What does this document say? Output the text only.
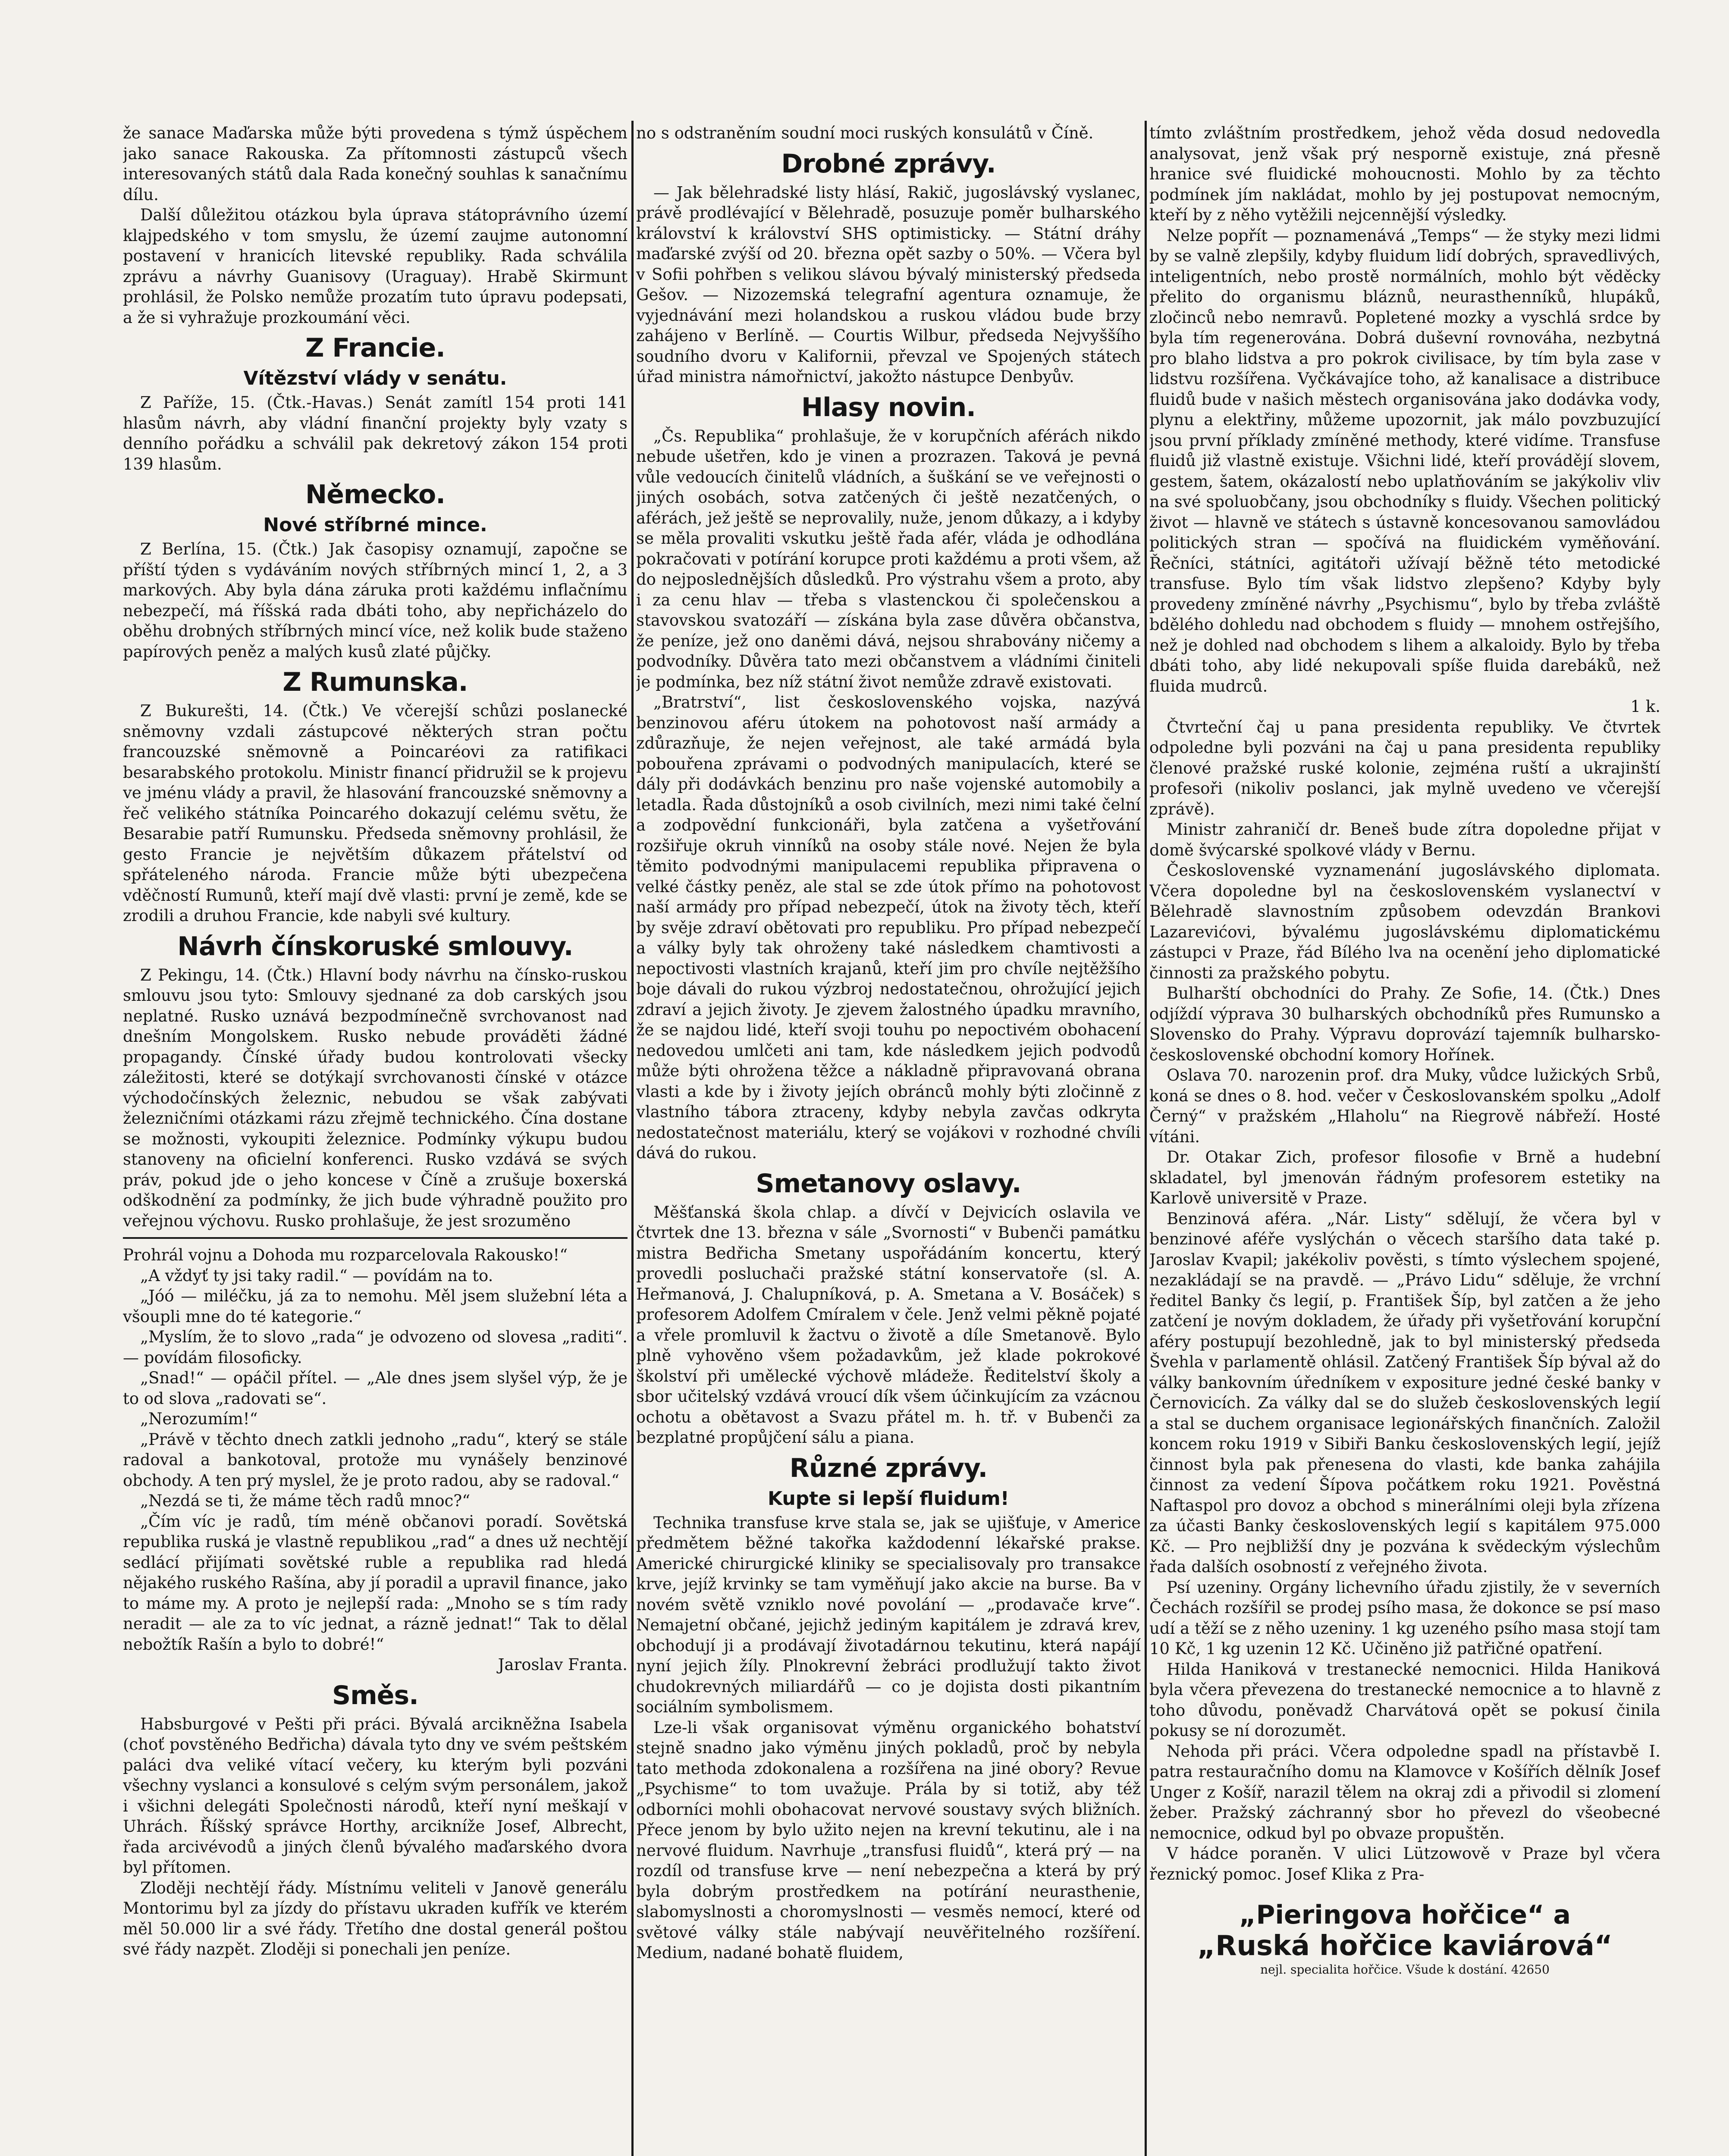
že sanace Maďarska může býti provedena s týmž úspěchem jako sanace Rakouska. Za přítomnosti zástupců všech interesovaných států dala Rada konečný souhlas k sanačnímu dílu.

Další důležitou otázkou byla úprava státoprávního území klajpedského v tom smyslu, že území zaujme autonomní postavení v hranicích litevské republiky. Rada schválila zprávu a návrhy Guanisovy (Uraguay). Hrabě Skirmunt prohlásil, že Polsko nemůže prozatím tuto úpravu podepsati, a že si vyhražuje prozkoumání věci.

Z Francie.
Vítězství vlády v senátu.

Z Paříže, 15. (Čtk.-Havas.) Senát zamítl 154 proti 141 hlasům návrh, aby vládní finanční projekty byly vzaty s denního pořádku a schválil pak dekretový zákon 154 proti 139 hlasům.

Německo.
Nové stříbrné mince.

Z Berlína, 15. (Čtk.) Jak časopisy oznamují, započne se příští týden s vydáváním nových stříbrných mincí 1, 2, a 3 markových. Aby byla dána záruka proti každému inflačnímu nebezpečí, má říšská rada dbáti toho, aby nepřicházelo do oběhu drobných stříbrných mincí více, než kolik bude staženo papírových peněz a malých kusů zlaté půjčky.

Z Rumunska.

Z Bukurešti, 14. (Čtk.) Ve včerejší schůzi poslanecké sněmovny vzdali zástupcové některých stran počtu francouzské sněmovně a Poincaréovi za ratifikaci besarabského protokolu. Ministr financí přidružil se k projevu ve jménu vlády a pravil, že hlasování francouzské sněmovny a řeč velikého státníka Poincarého dokazují celému světu, že Besarabie patří Rumunsku. Předseda sněmovny prohlásil, že gesto Francie je největším důkazem přátelství od spřáteleného národa. Francie může býti ubezpečena vděčností Rumunů, kteří mají dvě vlasti: první je země, kde se zrodili a druhou Francie, kde nabyli své kultury.

Návrh čínskoruské smlouvy.

Z Pekingu, 14. (Čtk.) Hlavní body návrhu na čínsko-ruskou smlouvu jsou tyto: Smlouvy sjednané za dob carských jsou neplatné. Rusko uznává bezpodmínečně svrchovanost nad dnešním Mongolskem. Rusko nebude prováděti žádné propagandy. Čínské úřady budou kontrolovati všecky záležitosti, které se dotýkají svrchovanosti čínské v otázce východočínských železnic, nebudou se však zabývati železničními otázkami rázu zřejmě technického. Čína dostane se možnosti, vykoupiti železnice. Podmínky výkupu budou stanoveny na oficielní konferenci. Rusko vzdává se svých práv, pokud jde o jeho koncese v Číně a zrušuje boxerská odškodnění za podmínky, že jich bude výhradně použito pro veřejnou výchovu. Rusko prohlašuje, že jest srozuměno

Prohrál vojnu a Dohoda mu rozparcelovala Rakousko!“

„A vždyť ty jsi taky radil.“ — povídám na to.

„Jóó — miléčku, já za to nemohu. Měl jsem služební léta a všoupli mne do té kategorie.“

„Myslím, že to slovo „rada“ je odvozeno od slovesa „raditi“. — povídám filosoficky.

„Snad!“ — opáčil přítel. — „Ale dnes jsem slyšel výp, že je to od slova „radovati se“.

„Nerozumím!“

„Právě v těchto dnech zatkli jednoho „radu“, který se stále radoval a bankotoval, protože mu vynášely benzinové obchody. A ten prý myslel, že je proto radou, aby se radoval.“

„Nezdá se ti, že máme těch radů mnoc?“

„Čím víc je radů, tím méně občanovi poradí. Sovětská republika ruská je vlastně republikou „rad“ a dnes už nechtějí sedlácí přijímati sovětské ruble a republika rad hledá nějakého ruského Rašína, aby jí poradil a upravil finance, jako to máme my. A proto je nejlepší rada: „Mnoho se s tím rady neradit — ale za to víc jednat, a rázně jednat!“ Tak to dělal nebožtík Rašín a bylo to dobré!“

Jaroslav Franta.

Směs.

Habsburgové v Pešti při práci. Bývalá arcikněžna Isabela (choť povstěného Bedřicha) dávala tyto dny ve svém peštském paláci dva veliké vítací večery, ku kterým byli pozváni všechny vyslanci a konsulové s celým svým personálem, jakož i všichni delegáti Společnosti národů, kteří nyní meškají v Uhrách. Říšský správce Horthy, arcikníže Josef, Albrecht, řada arcivévodů a jiných členů bývalého maďarského dvora byl přítomen.

Zloději nechtějí řády. Místnímu veliteli v Janově generálu Montorimu byl za jízdy do přístavu ukraden kufřík ve kterém měl 50.000 lir a své řády. Třetího dne dostal generál poštou své řády nazpět. Zloději si ponechali jen peníze.

no s odstraněním soudní moci ruských konsulátů v Číně.

Drobné zprávy.

— Jak bělehradské listy hlásí, Rakič, jugoslávský vyslanec, právě prodlévající v Bělehradě, posuzuje poměr bulharského království k království SHS optimisticky. — Státní dráhy maďarské zvýší od 20. března opět sazby o 50%. — Včera byl v Sofii pohřben s velikou slávou bývalý ministerský předseda Gešov. — Nizozemská telegrafní agentura oznamuje, že vyjednávání mezi holandskou a ruskou vládou bude brzy zahájeno v Berlíně. — Courtis Wilbur, předseda Nejvyššího soudního dvoru v Kalifornii, převzal ve Spojených státech úřad ministra námořnictví, jakožto nástupce Denbyův.

Hlasy novin.

„Čs. Republika“ prohlašuje, že v korupčních aférách nikdo nebude ušetřen, kdo je vinen a prozrazen. Taková je pevná vůle vedoucích činitelů vládních, a šuškání se ve veřejnosti o jiných osobách, sotva zatčených či ještě nezatčených, o aférách, jež ještě se neprovalily, nuže, jenom důkazy, a i kdyby se měla provaliti vskutku ještě řada afér, vláda je odhodlána pokračovati v potírání korupce proti každému a proti všem, až do nejposlednějších důsledků. Pro výstrahu všem a proto, aby i za cenu hlav — třeba s vlastenckou či společenskou a stavovskou svatozáří — získána byla zase důvěra občanstva, že peníze, jež ono daněmi dává, nejsou shrabovány ničemy a podvodníky. Důvěra tato mezi občanstvem a vládními činiteli je podmínka, bez níž státní život nemůže zdravě existovati.

„Bratrství“, list československého vojska, nazývá benzinovou aféru útokem na pohotovost naší armády a zdůrazňuje, že nejen veřejnost, ale také armádá byla pobouřena zprávami o podvodných manipulacích, které se dály při dodávkách benzinu pro naše vojenské automobily a letadla. Řada důstojníků a osob civilních, mezi nimi také čelní a zodpovědní funkcionáři, byla zatčena a vyšetřování rozšiřuje okruh vinníků na osoby stále nové. Nejen že byla těmito podvodnými manipulacemi republika připravena o velké částky peněz, ale stal se zde útok přímo na pohotovost naší armády pro případ nebezpečí, útok na životy těch, kteří by svěje zdraví obětovati pro republiku. Pro případ nebezpečí a války byly tak ohroženy také následkem chamtivosti a nepoctivosti vlastních krajanů, kteří jim pro chvíle nejtěžšího boje dávali do rukou výzbroj nedostatečnou, ohrožující jejich zdraví a jejich životy. Je zjevem žalostného úpadku mravního, že se najdou lidé, kteří svoji touhu po nepoctivém obohacení nedovedou umlčeti ani tam, kde následkem jejich podvodů může býti ohrožena těžce a nákladně připravovaná obrana vlasti a kde by i životy jejích obránců mohly býti zločinně z vlastního tábora ztraceny, kdyby nebyla zavčas odkryta nedostatečnost materiálu, který se vojákovi v rozhodné chvíli dává do rukou.

Smetanovy oslavy.

Měšťanská škola chlap. a dívčí v Dejvicích oslavila ve čtvrtek dne 13. března v sále „Svornosti“ v Bubenči památku mistra Bedřicha Smetany uspořádáním koncertu, který provedli posluchači pražské státní konservatoře (sl. A. Heřmanová, J. Chalupníková, p. A. Smetana a V. Bosáček) s profesorem Adolfem Cmíralem v čele. Jenž velmi pěkně pojaté a vřele promluvil k žactvu o životě a díle Smetanově. Bylo plně vyhověno všem požadavkům, jež klade pokrokové školství při umělecké výchově mládeže. Ředitelství školy a sbor učitelský vzdává vroucí dík všem účinkujícím za vzácnou ochotu a obětavost a Svazu přátel m. h. tř. v Bubenči za bezplatné propůjčení sálu a piana.

Různé zprávy.
Kupte si lepší fluidum!

Technika transfuse krve stala se, jak se ujišťuje, v Americe předmětem běžné takořka každodenní lékařské prakse. Americké chirurgické kliniky se specialisovaly pro transakce krve, jejíž krvinky se tam vyměňují jako akcie na burse. Ba v novém světě vzniklo nové povolání — „prodavače krve“. Nemajetní občané, jejichž jediným kapitálem je zdravá krev, obchodují ji a prodávají životadárnou tekutinu, která napájí nyní jejich žíly. Plnokrevní žebráci prodlužují takto život chudokrevných miliardářů — co je dojista dosti pikantním sociálním symbolismem.

Lze-li však organisovat výměnu organického bohatství stejně snadno jako výměnu jiných pokladů, proč by nebyla tato methoda zdokonalena a rozšířena na jiné obory? Revue „Psychisme“ to tom uvažuje. Prála by si totiž, aby též odborníci mohli obohacovat nervové soustavy svých bližních. Přece jenom by bylo užito nejen na krevní tekutinu, ale i na nervové fluidum. Navrhuje „transfusi fluidů“, která prý — na rozdíl od transfuse krve — není nebezpečna a která by prý byla dobrým prostředkem na potírání neurasthenie, slabomyslnosti a choromyslnosti — vesměs nemocí, které od světové války stále nabývají neuvěřitelného rozšíření. Medium, nadané bohatě fluidem,

tímto zvláštním prostředkem, jehož věda dosud nedovedla analysovat, jenž však prý nesporně existuje, zná přesně hranice své fluidické mohoucnosti. Mohlo by za těchto podmínek jím nakládat, mohlo by jej postupovat nemocným, kteří by z něho vytěžili nejcennější výsledky.

Nelze popřít — poznamenává „Temps“ — že styky mezi lidmi by se valně zlepšily, kdyby fluidum lidí dobrých, spravedlivých, inteligentních, nebo prostě normálních, mohlo být věděcky přelito do organismu bláznů, neurasthenníků, hlupáků, zločinců nebo nemravů. Popletené mozky a vyschlá srdce by byla tím regenerována. Dobrá duševní rovnováha, nezbytná pro blaho lidstva a pro pokrok civilisace, by tím byla zase v lidstvu rozšířena. Vyčkávajíce toho, až kanalisace a distribuce fluidů bude v našich městech organisována jako dodávka vody, plynu a elektřiny, můžeme upozornit, jak málo povzbuzující jsou první příklady zmíněné methody, které vidíme. Transfuse fluidů již vlastně existuje. Všichni lidé, kteří provádějí slovem, gestem, šatem, okázalostí nebo uplatňováním se jakýkoliv vliv na své spoluobčany, jsou obchodníky s fluidy. Všechen politický život — hlavně ve státech s ústavně koncesovanou samovládou politických stran — spočívá na fluidickém vyměňování. Řečníci, státníci, agitátoři užívají běžně této metodické transfuse. Bylo tím však lidstvo zlepšeno? Kdyby byly provedeny zmíněné návrhy „Psychismu“, bylo by třeba zvláště bdělého dohledu nad obchodem s fluidy — mnohem ostřejšího, než je dohled nad obchodem s lihem a alkaloidy. Bylo by třeba dbáti toho, aby lidé nekupovali spíše fluida darebáků, než fluida mudrců.

1 k.

Čtvrteční čaj u pana presidenta republiky. Ve čtvrtek odpoledne byli pozváni na čaj u pana presidenta republiky členové pražské ruské kolonie, zejména ruští a ukrajinští profesoři (nikoliv poslanci, jak mylně uvedeno ve včerejší zprávě).

Ministr zahraničí dr. Beneš bude zítra dopoledne přijat v domě švýcarské spolkové vlády v Bernu.

Československé vyznamenání jugoslávského diplomata. Včera dopoledne byl na československém vyslanectví v Bělehradě slavnostním způsobem odevzdán Brankovi Lazarevićovi, bývalému jugoslávskému diplomatickému zástupci v Praze, řád Bílého lva na ocenění jeho diplomatické činnosti za pražského pobytu.

Bulharští obchodníci do Prahy. Ze Sofie, 14. (Čtk.) Dnes odjíždí výprava 30 bulharských obchodníků přes Rumunsko a Slovensko do Prahy. Výpravu doprovází tajemník bulharsko-československé obchodní komory Hořínek.

Oslava 70. narozenin prof. dra Muky, vůdce lužických Srbů, koná se dnes o 8. hod. večer v Českoslovanském spolku „Adolf Černý“ v pražském „Hlaholu“ na Riegrově nábřeží. Hosté vítáni.

Dr. Otakar Zich, profesor filosofie v Brně a hudební skladatel, byl jmenován řádným profesorem estetiky na Karlově universitě v Praze.

Benzinová aféra. „Nár. Listy“ sdělují, že včera byl v benzinové aféře vyslýchán o věcech staršího data také p. Jaroslav Kvapil; jakékoliv pověsti, s tímto výslechem spojené, nezakládají se na pravdě. — „Právo Lidu“ sděluje, že vrchní ředitel Banky čs legií, p. František Šíp, byl zatčen a že jeho zatčení je novým dokladem, že úřady při vyšetřování korupční aféry postupují bezohledně, jak to byl ministerský předseda Švehla v parlamentě ohlásil. Zatčený František Šíp býval až do války bankovním úředníkem v expositure jedné české banky v Černovicích. Za války dal se do služeb československých legií a stal se duchem organisace legionářských finančních. Založil koncem roku 1919 v Sibiři Banku československých legií, jejíž činnost byla pak přenesena do vlasti, kde banka zahájila činnost za vedení Šípova počátkem roku 1921. Pověstná Naftaspol pro dovoz a obchod s minerálními oleji byla zřízena za účasti Banky československých legií s kapitálem 975.000 Kč. — Pro nejbližší dny je pozvána k svědeckým výslechům řada dalších osobností z veřejného života.

Psí uzeniny. Orgány lichevního úřadu zjistily, že v severních Čechách rozšířil se prodej psího masa, že dokonce se psí maso udí a těží se z něho uzeniny. 1 kg uzeného psího masa stojí tam 10 Kč, 1 kg uzenin 12 Kč. Učiněno již patřičné opatření.

Hilda Haniková v trestanecké nemocnici. Hilda Haniková byla včera převezena do trestanecké nemocnice a to hlavně z toho důvodu, poněvadž Charvátová opět se pokusí činila pokusy se ní dorozumět.

Nehoda při práci. Včera odpoledne spadl na přístavbě I. patra restauračního domu na Klamovce v Košířích dělník Josef Unger z Košíř, narazil tělem na okraj zdi a přivodil si zlomení žeber. Pražský záchranný sbor ho převezl do všeobecné nemocnice, odkud byl po obvaze propuštěn.

V hádce poraněn. V ulici Lützowově v Praze byl včera řeznický pomoc. Josef Klika z Pra-

„Pieringova hořčice“ a
„Ruská hořčice kaviárová“
nejl. specialita hořčice. Všude k dostání. 42650
